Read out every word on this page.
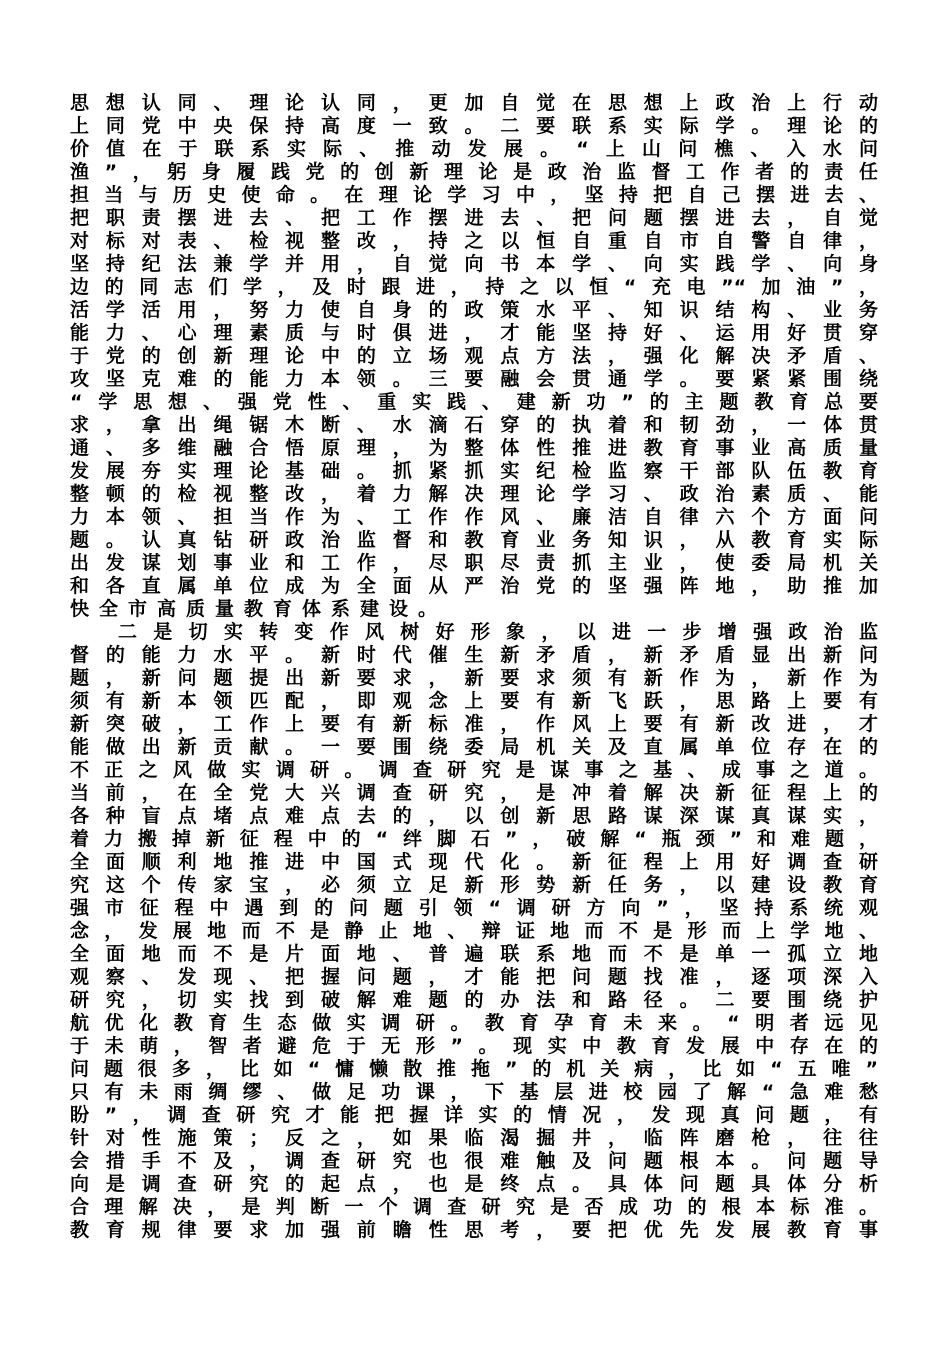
思想认同、理论认同，更加自觉在思想上政治上行动
上同党中央保持高度一致。二要联系实际学。理论的
价值在于联系实际、推动发展。“上山问樵、入水问
渔”，躬身履践党的创新理论是政治监督工作者的责任
担当与历史使命。在理论学习中，坚持把自己摆进去、
把职责摆进去、把工作摆进去、把问题摆进去，自觉
对标对表、检视整改，持之以恒自重自市自警自律，
坚持纪法兼学并用，自觉向书本学、向实践学、向身
边的同志们学，及时跟进，持之以恒“充电”“加油”，
活学活用，努力使自身的政策水平、知识结构、业务
能力、心理素质与时俱进，才能坚持好、运用好贯穿
于党的创新理论中的立场观点方法，强化解决矛盾、
攻坚克难的能力本领。三要融会贯通学。要紧紧围绕
“学思想、强党性、重实践、建新功”的主题教育总要
求，拿出绳锯木断、水滴石穿的执着和韧劲，一体贯
通、多维融合悟原理，为整体性推进教育事业高质量
发展夯实理论基础。抓紧抓实纪检监察干部队伍教育
整顿的检视整改，着力解决理论学习、政治素质、能
力本领、担当作为、工作作风、廉洁自律六个方面问
题。认真钻研政治监督和教育业务知识，从教育实际
出发谋划事业和工作，尽职尽责抓主业，使委局机关
和各直属单位成为全面从严治党的坚强阵地，助推加
快全市高质量教育体系建设。
二是切实转变作风树好形象，以进一步增强政治监
督的能力水平。新时代催生新矛盾，新矛盾显出新问
题，新问题提出新要求，新要求须有新作为，新作为
须有新本领匹配，即观念上要有新飞跃，思路上要有
新突破，工作上要有新标准，作风上要有新改进，才
能做出新贡献。一要围绕委局机关及直属单位存在的
不正之风做实调研。调查研究是谋事之基、成事之道。
当前，在全党大兴调查研究，是冲着解决新征程上的
各种盲点堵点难点去的，以创新思路谋深谋真谋实，
着力搬掉新征程中的“绊脚石”，破解“瓶颈”和难题，
全面顺利地推进中国式现代化。新征程上用好调查研
究这个传家宝，必须立足新形势新任务，以建设教育
强市征程中遇到的问题引领“调研方向”，坚持系统观
念，发展地而不是静止地、辩证地而不是形而上学地、
全面地而不是片面地、普遍联系地而不是单一孤立地
观察、发现、把握问题，才能把问题找准，逐项深入
研究，切实找到破解难题的办法和路径。二要围绕护
航优化教育生态做实调研。教育孕育未来。“明者远见
于未萌，智者避危于无形”。现实中教育发展中存在的
问题很多，比如“慵懒散推拖”的机关病，比如“五唯”
只有未雨绸缪、做足功课，下基层进校园了解“急难愁
盼”，调查研究才能把握详实的情况，发现真问题，有
针对性施策；反之，如果临渴掘井，临阵磨枪，往往
会措手不及，调查研究也很难触及问题根本。问题导
向是调查研究的起点，也是终点。具体问题具体分析
合理解决，是判断一个调查研究是否成功的根本标准。
教育规律要求加强前瞻性思考，要把优先发展教育事
